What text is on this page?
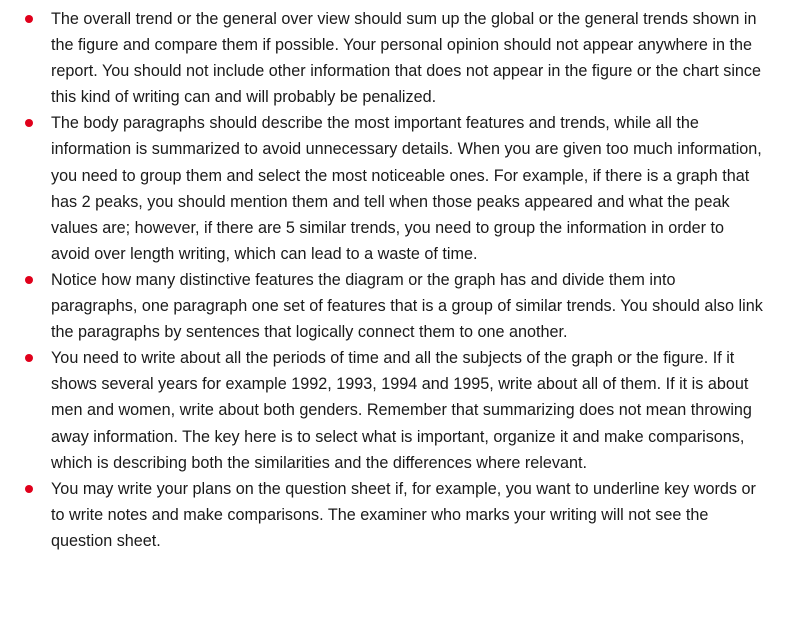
The overall trend or the general over view should sum up the global or the general trends shown in the figure and compare them if possible. Your personal opinion should not appear anywhere in the report. You should not include other information that does not appear in the figure or the chart since this kind of writing can and will probably be penalized.
The body paragraphs should describe the most important features and trends, while all the information is summarized to avoid unnecessary details. When you are given too much information, you need to group them and select the most noticeable ones. For example, if there is a graph that has 2 peaks, you should mention them and tell when those peaks appeared and what the peak values are; however, if there are 5 similar trends, you need to group the information in order to avoid over length writing, which can lead to a waste of time.
Notice how many distinctive features the diagram or the graph has and divide them into paragraphs, one paragraph one set of features that is a group of similar trends. You should also link the paragraphs by sentences that logically connect them to one another.
You need to write about all the periods of time and all the subjects of the graph or the figure. If it shows several years for example 1992, 1993, 1994 and 1995, write about all of them. If it is about men and women, write about both genders. Remember that summarizing does not mean throwing away information. The key here is to select what is important, organize it and make comparisons, which is describing both the similarities and the differences where relevant.
You may write your plans on the question sheet if, for example, you want to underline key words or to write notes and make comparisons. The examiner who marks your writing will not see the question sheet.
